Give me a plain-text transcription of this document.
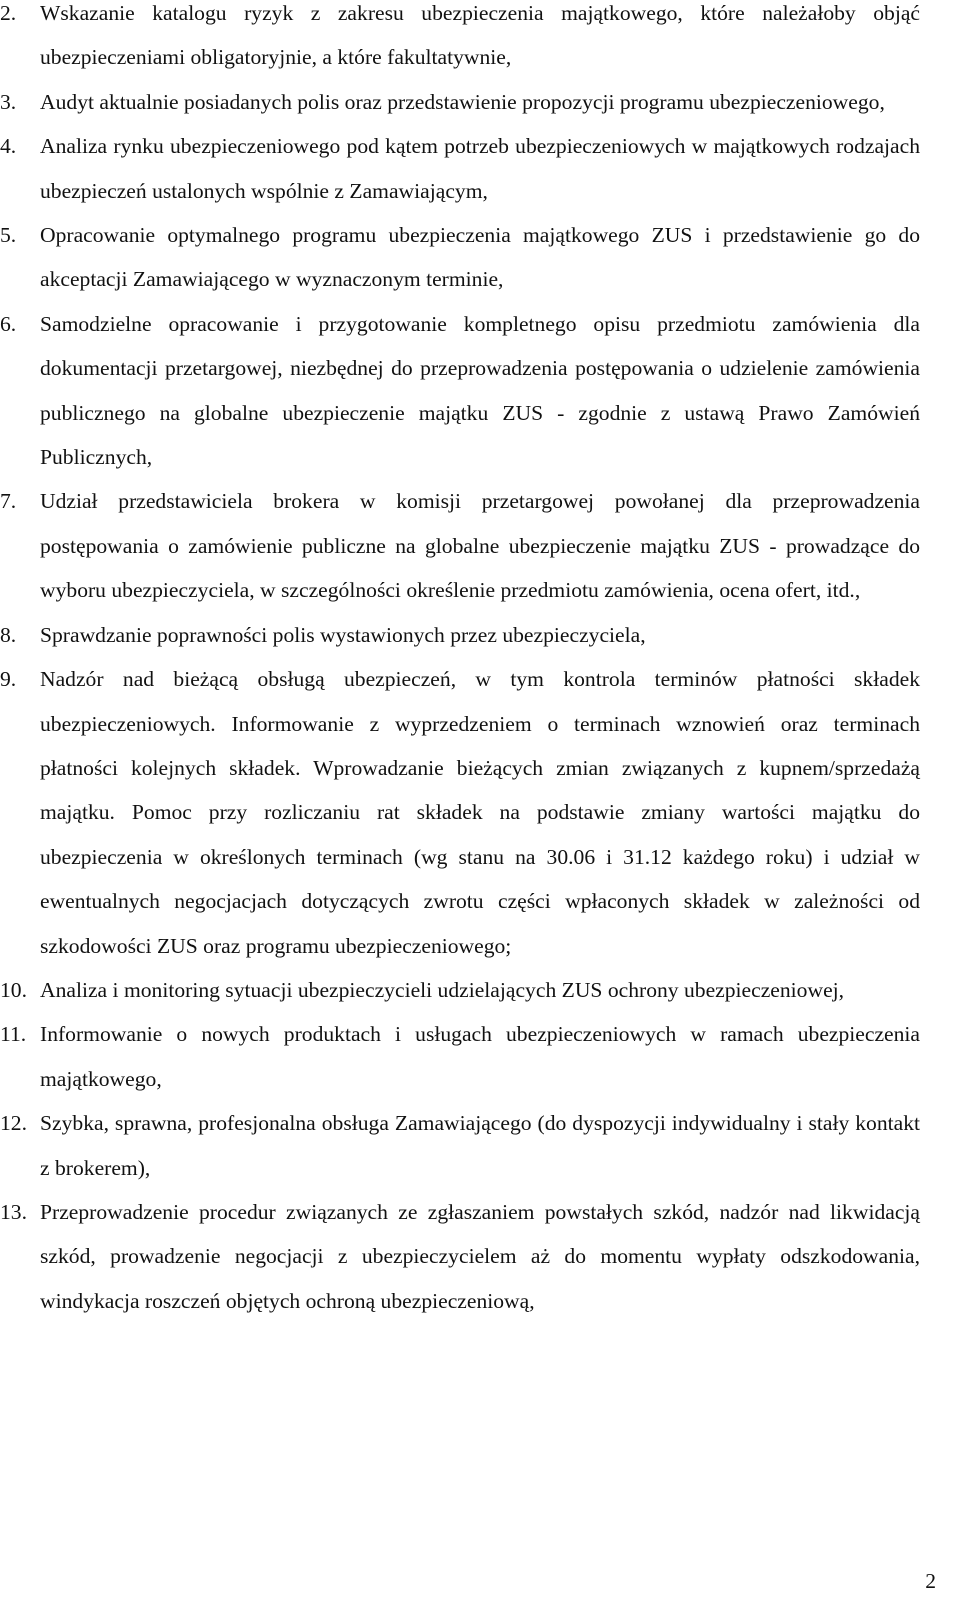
2. Wskazanie katalogu ryzyk z zakresu ubezpieczenia majątkowego, które należałoby objąć ubezpieczeniami obligatoryjnie, a które fakultatywnie,
3. Audyt aktualnie posiadanych polis oraz przedstawienie propozycji programu ubezpieczeniowego,
4. Analiza rynku ubezpieczeniowego pod kątem potrzeb ubezpieczeniowych w majątkowych rodzajach ubezpieczeń ustalonych wspólnie z Zamawiającym,
5. Opracowanie optymalnego programu ubezpieczenia majątkowego ZUS i przedstawienie go do akceptacji Zamawiającego w wyznaczonym terminie,
6. Samodzielne opracowanie i przygotowanie kompletnego opisu przedmiotu zamówienia dla dokumentacji przetargowej, niezbędnej do przeprowadzenia postępowania o udzielenie zamówienia publicznego na globalne ubezpieczenie majątku ZUS - zgodnie z ustawą Prawo Zamówień Publicznych,
7. Udział przedstawiciela brokera w komisji przetargowej powołanej dla przeprowadzenia postępowania o zamówienie publiczne na globalne ubezpieczenie majątku ZUS - prowadzące do wyboru ubezpieczyciela, w szczególności określenie przedmiotu zamówienia, ocena ofert, itd.,
8. Sprawdzanie poprawności polis wystawionych przez ubezpieczyciela,
9. Nadzór nad bieżącą obsługą ubezpieczeń, w tym kontrola terminów płatności składek ubezpieczeniowych. Informowanie z wyprzedzeniem o terminach wznowień oraz terminach płatności kolejnych składek. Wprowadzanie bieżących zmian związanych z kupnem/sprzedażą majątku. Pomoc przy rozliczaniu rat składek na podstawie zmiany wartości majątku do ubezpieczenia w określonych terminach (wg stanu na 30.06 i 31.12 każdego roku) i udział w ewentualnych negocjacjach dotyczących zwrotu części wpłaconych składek w zależności od szkodowości ZUS oraz programu ubezpieczeniowego;
10. Analiza i monitoring sytuacji ubezpieczycieli udzielających ZUS ochrony ubezpieczeniowej,
11. Informowanie o nowych produktach i usługach ubezpieczeniowych w ramach ubezpieczenia majątkowego,
12. Szybka, sprawna, profesjonalna obsługa Zamawiającego (do dyspozycji indywidualny i stały kontakt z brokerem),
13. Przeprowadzenie procedur związanych ze zgłaszaniem powstałych szkód, nadzór nad likwidacją szkód, prowadzenie negocjacji z ubezpieczycielem aż do momentu wypłaty odszkodowania, windykacja roszczeń objętych ochroną ubezpieczeniową,
2
